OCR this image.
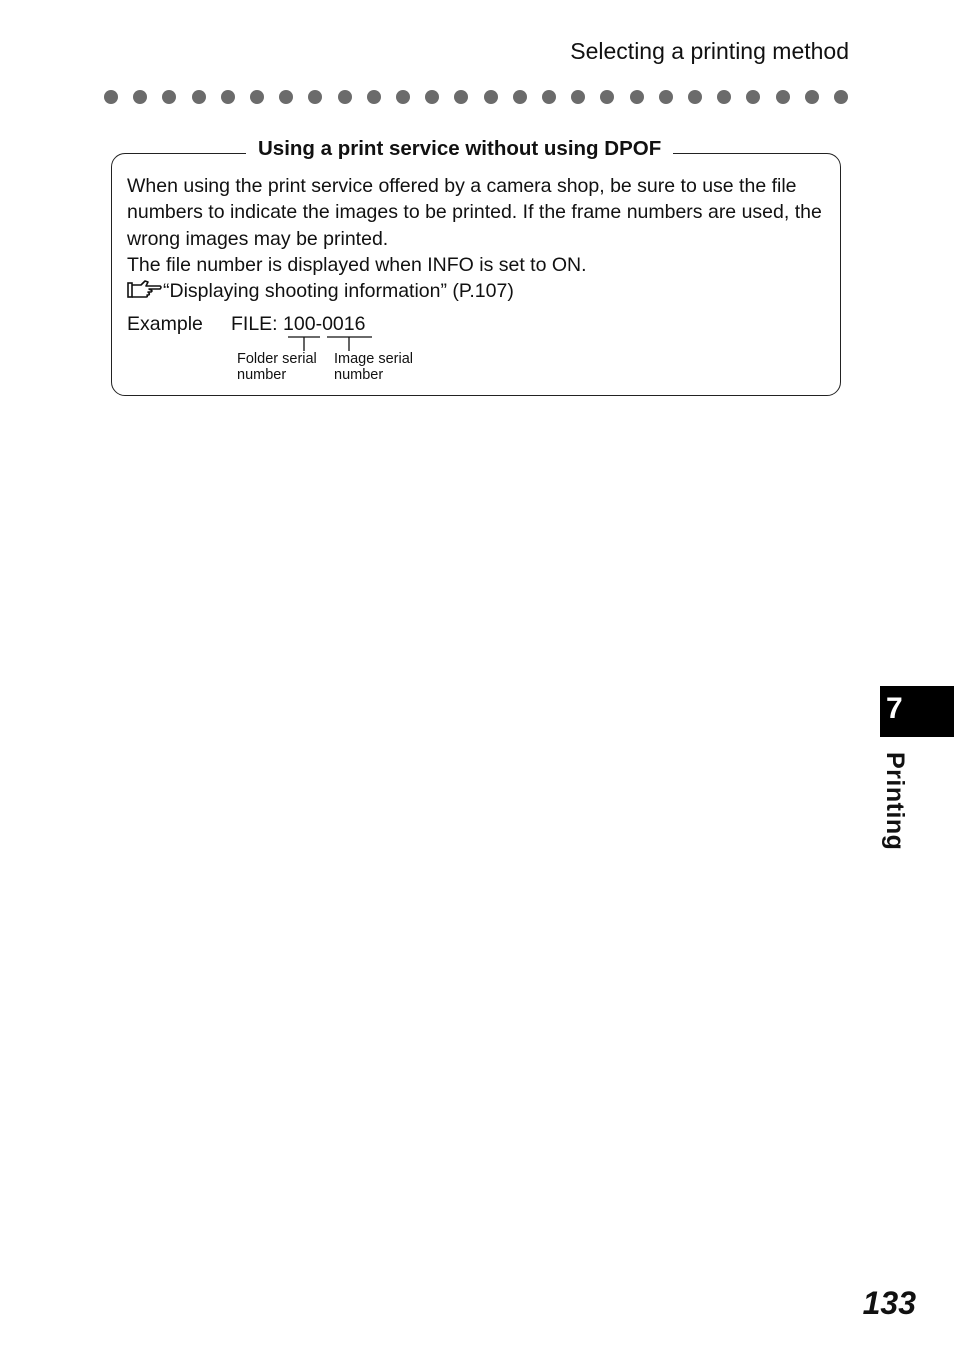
Selecting a printing method
Using a print service without using DPOF

When using the print service offered by a camera shop, be sure to use the file numbers to indicate the images to be printed. If the frame numbers are used, the wrong images may be printed.

The file number is displayed when INFO is set to ON.

“Displaying shooting information” (P.107)
Example FILE: 100-0016
Folder serial
number
Image serial
number
7
Printing
133
